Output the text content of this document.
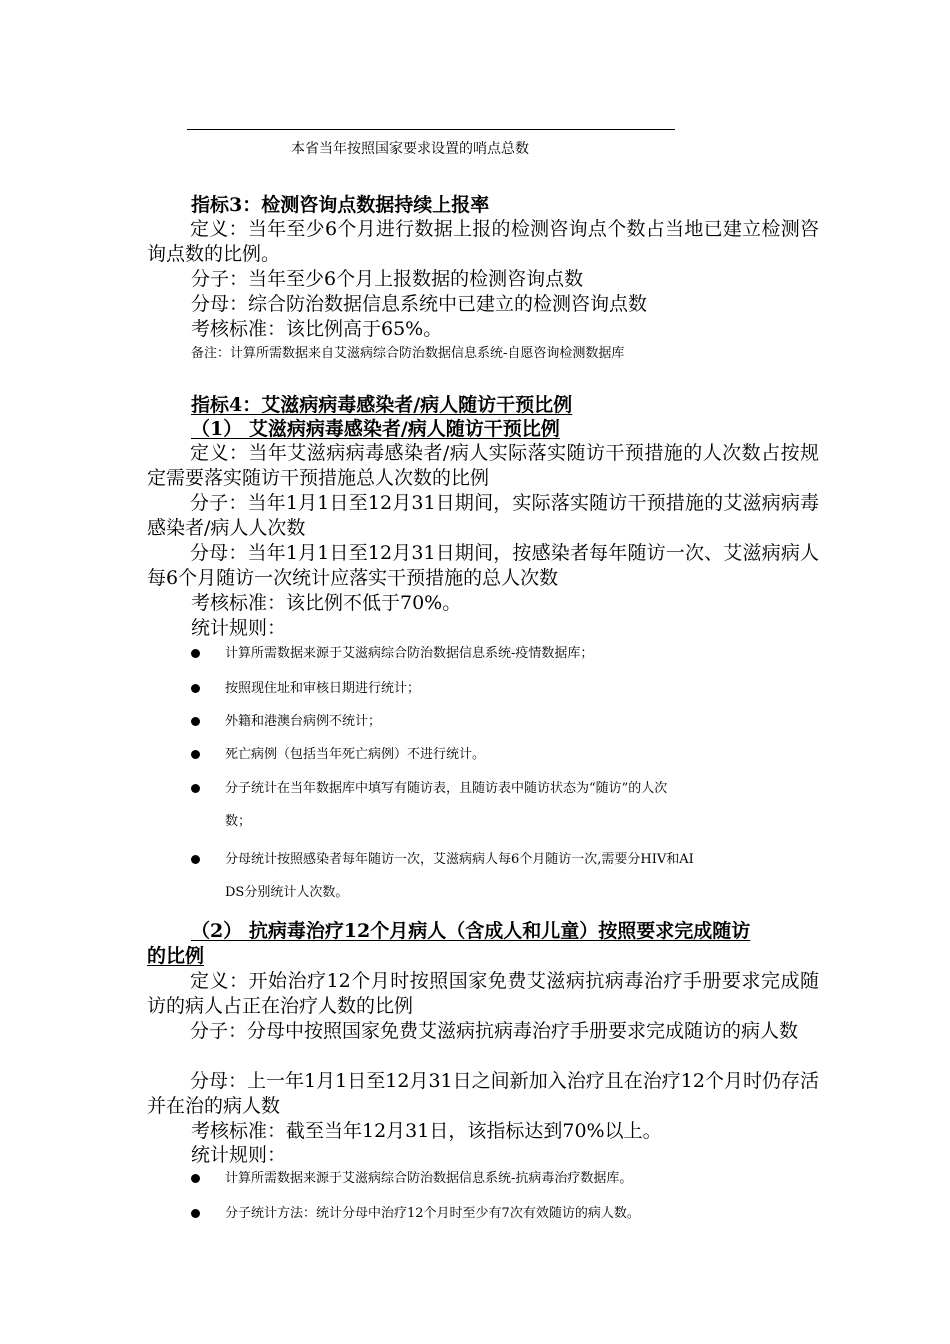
本省当年按照国家要求设置的哨点总数
指标3：检测咨询点数据持续上报率
定义：当年至少6个月进行数据上报的检测咨询点个数占当地已建立检测咨询点数的比例。
分子：当年至少6个月上报数据的检测咨询点数
分母：综合防治数据信息系统中已建立的检测咨询点数
考核标准：该比例高于65%。
备注：计算所需数据来自艾滋病综合防治数据信息系统-自愿咨询检测数据库
指标4：艾滋病病毒感染者/病人随访干预比例
（1） 艾滋病病毒感染者/病人随访干预比例
定义：当年艾滋病病毒感染者/病人实际落实随访干预措施的人次数占按规定需要落实随访干预措施总人次数的比例
分子：当年1月1日至12月31日期间，实际落实随访干预措施的艾滋病病毒感染者/病人人次数
分母：当年1月1日至12月31日期间，按感染者每年随访一次、艾滋病病人每6个月随访一次统计应落实干预措施的总人次数
考核标准：该比例不低于70%。
统计规则：
计算所需数据来源于艾滋病综合防治数据信息系统-疫情数据库；
按照现住址和审核日期进行统计；
外籍和港澳台病例不统计；
死亡病例（包括当年死亡病例）不进行统计。
分子统计在当年数据库中填写有随访表，且随访表中随访状态为“随访”的人次
数；
分母统计按照感染者每年随访一次，艾滋病病人每6个月随访一次,需要分HIV和AI
DS分别统计人次数。
（2） 抗病毒治疗12个月病人（含成人和儿童）按照要求完成随访
的比例
定义：开始治疗12个月时按照国家免费艾滋病抗病毒治疗手册要求完成随访的病人占正在治疗人数的比例
分子：分母中按照国家免费艾滋病抗病毒治疗手册要求完成随访的病人数
分母：上一年1月1日至12月31日之间新加入治疗且在治疗12个月时仍存活并在治的病人数
考核标准：截至当年12月31日，该指标达到70%以上。
统计规则：
计算所需数据来源于艾滋病综合防治数据信息系统-抗病毒治疗数据库。
分子统计方法：统计分母中治疗12个月时至少有7次有效随访的病人数。
